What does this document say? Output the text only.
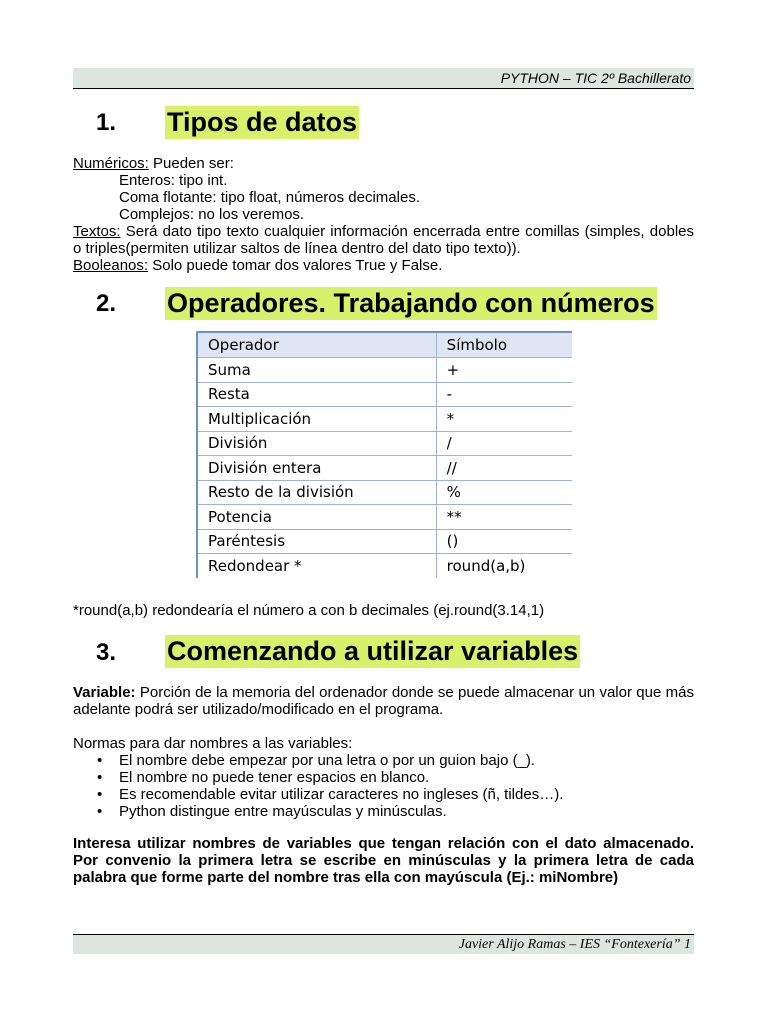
PYTHON – TIC 2º Bachillerato
1. Tipos de datos
Numéricos: Pueden ser:
Enteros: tipo int.
Coma flotante: tipo float, números decimales.
Complejos: no los veremos.
Textos: Será dato tipo texto cualquier información encerrada entre comillas (simples, dobles o triples(permiten utilizar saltos de línea dentro del dato tipo texto)).
Booleanos: Solo puede tomar dos valores True y False.
2. Operadores. Trabajando con números
Operador	Símbolo
Suma	+
Resta	-
Multiplicación	*
División	/
División entera	//
Resto de la división	%
Potencia	**
Paréntesis	()
Redondear *	round(a,b)
*round(a,b) redondearía el número a con b decimales (ej.round(3.14,1)
3. Comenzando a utilizar variables
Variable: Porción de la memoria del ordenador donde se puede almacenar un valor que más adelante podrá ser utilizado/modificado en el programa.
Normas para dar nombres a las variables:
• El nombre debe empezar por una letra o por un guion bajo (_).
• El nombre no puede tener espacios en blanco.
• Es recomendable evitar utilizar caracteres no ingleses (ñ, tildes…).
• Python distingue entre mayúsculas y minúsculas.
Interesa utilizar nombres de variables que tengan relación con el dato almacenado. Por convenio la primera letra se escribe en minúsculas y la primera letra de cada palabra que forme parte del nombre tras ella con mayúscula (Ej.: miNombre)
Javier Alijo Ramas – IES “Fontexería” 1
